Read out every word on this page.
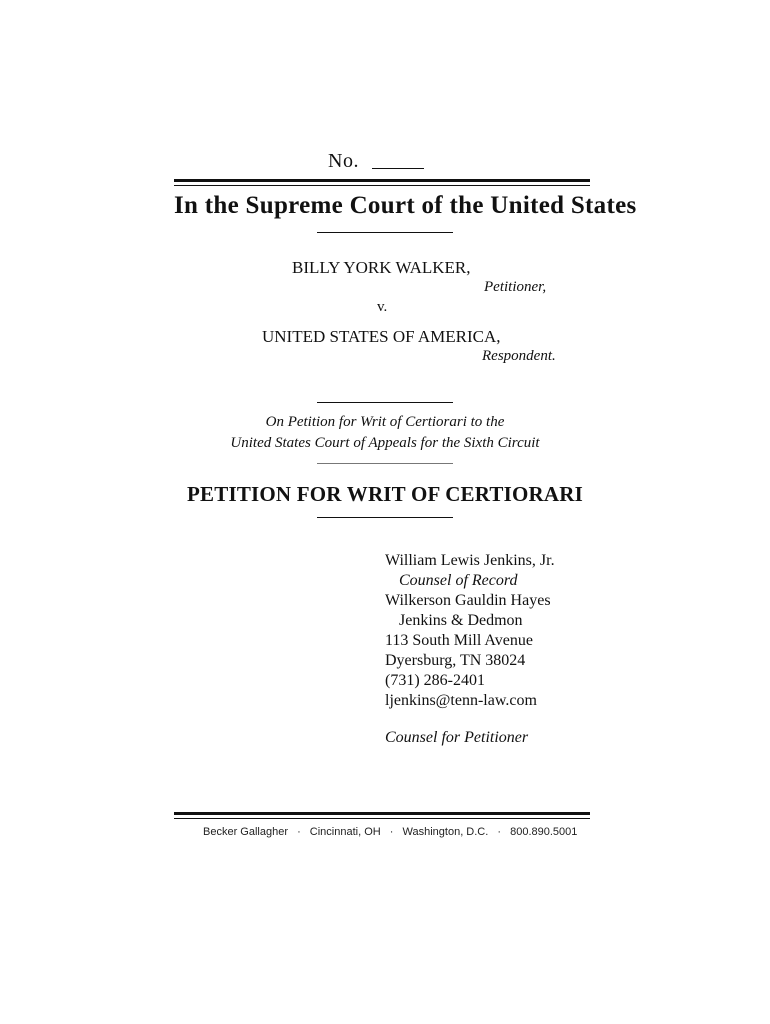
No.
In the Supreme Court of the United States
BILLY YORK WALKER,
Petitioner,
v.
UNITED STATES OF AMERICA,
Respondent.
On Petition for Writ of Certiorari to the
United States Court of Appeals for the Sixth Circuit
PETITION FOR WRIT OF CERTIORARI
William Lewis Jenkins, Jr.
Counsel of Record
Wilkerson Gauldin Hayes
Jenkins & Dedmon
113 South Mill Avenue
Dyersburg, TN 38024
(731) 286-2401
ljenkins@tenn-law.com
Counsel for Petitioner
Becker Gallagher · Cincinnati, OH · Washington, D.C. · 800.890.5001
